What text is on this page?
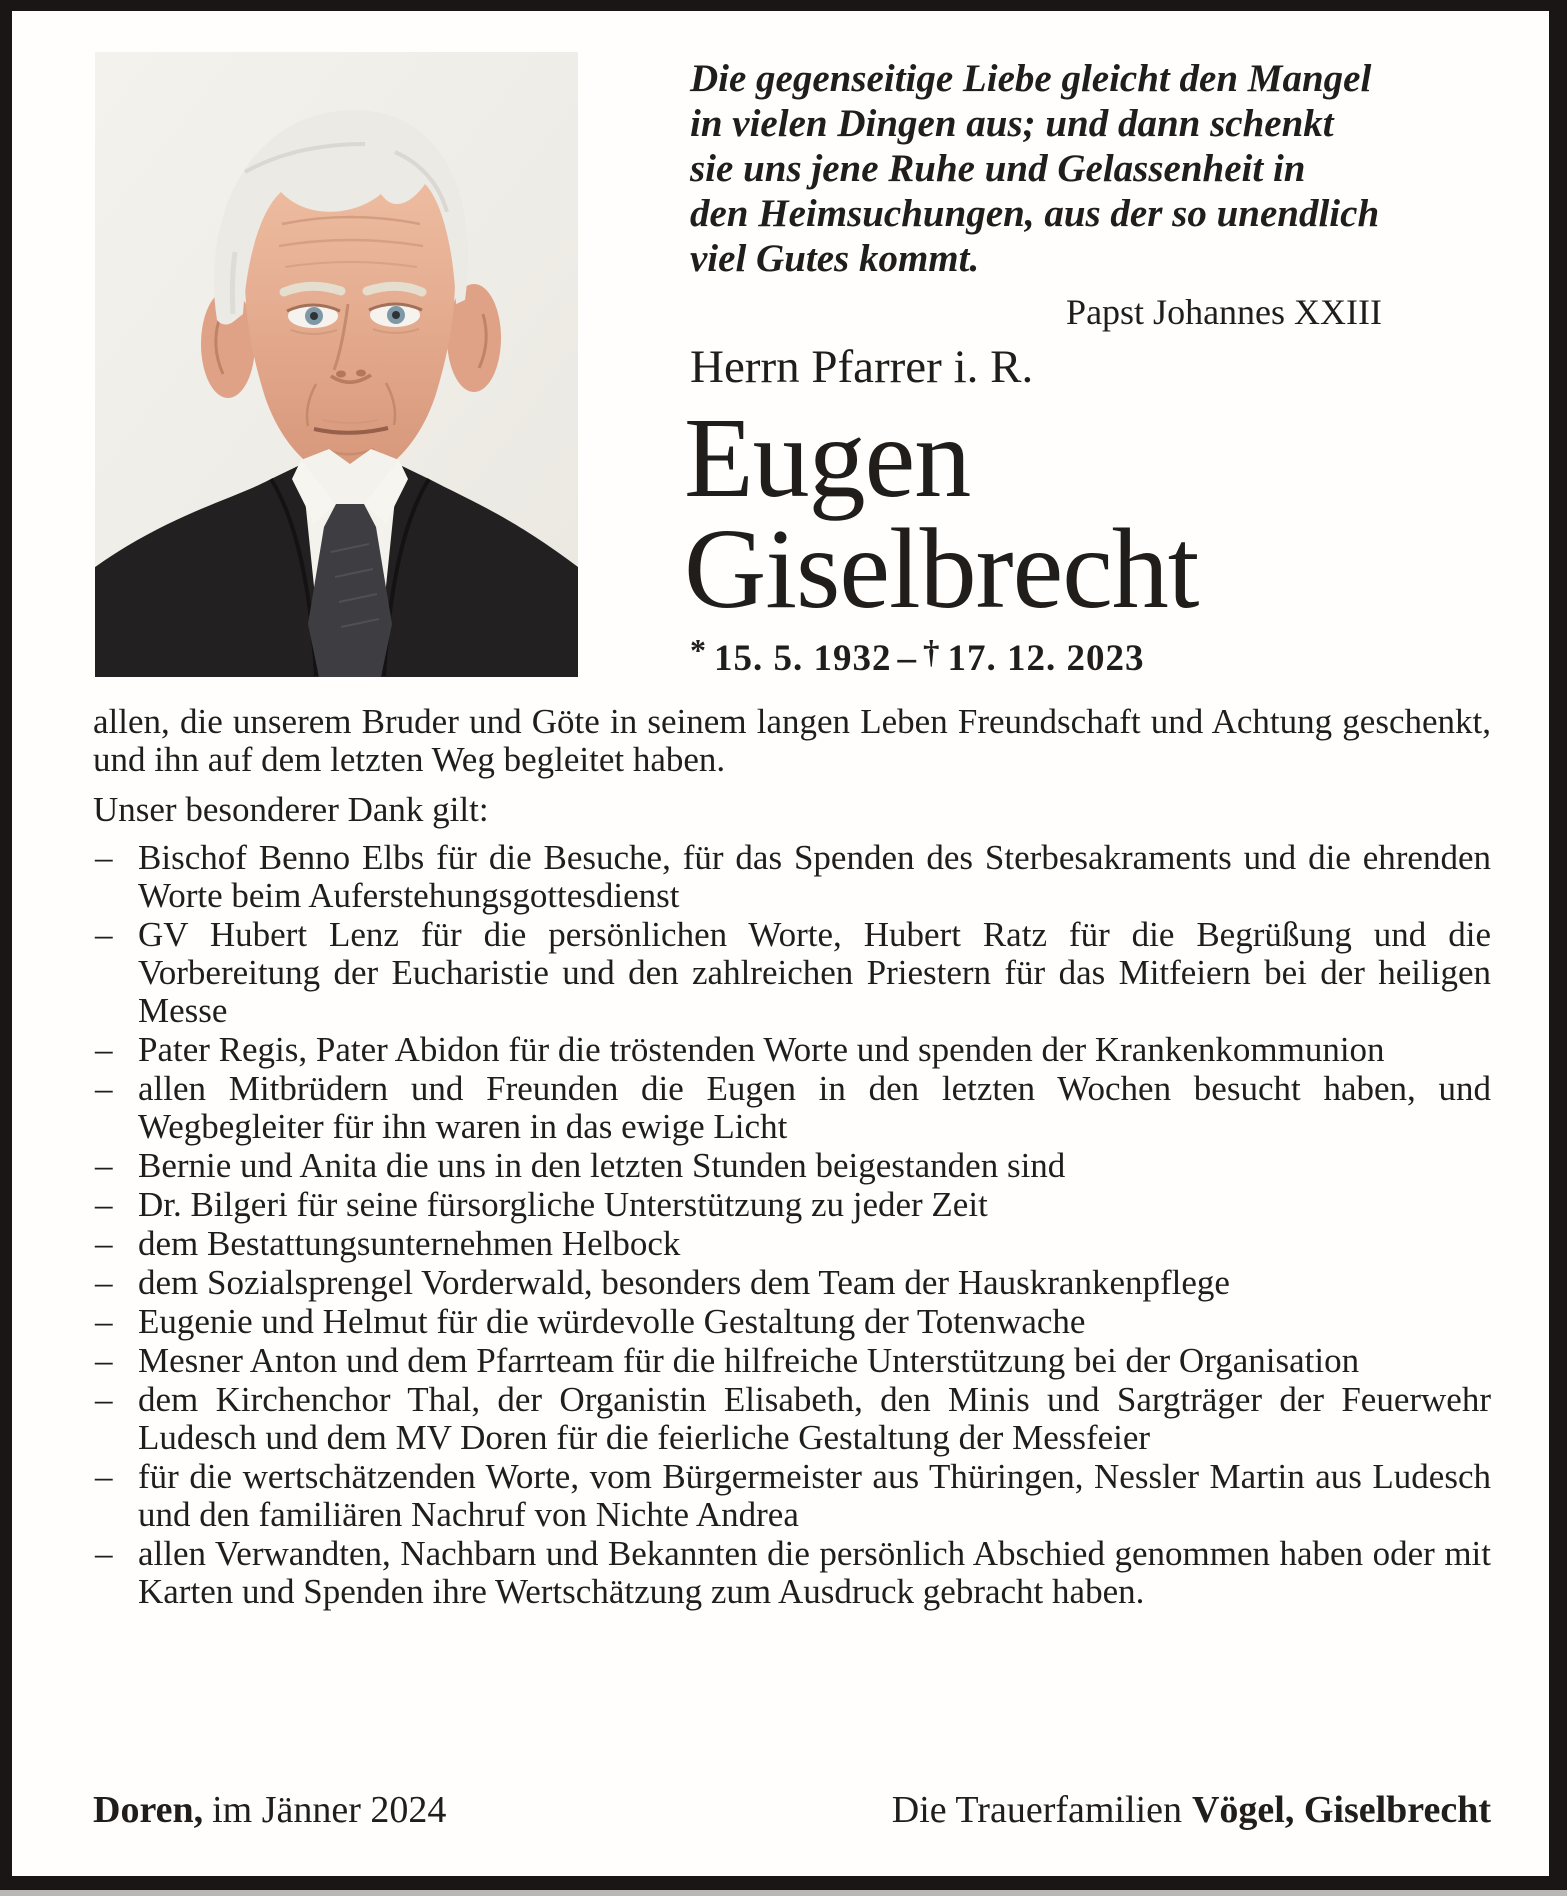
Die gegenseitige Liebe gleicht den Mangel
in vielen Dingen aus; und dann schenkt
sie uns jene Ruhe und Gelassenheit in
den Heimsuchungen, aus der so unendlich
viel Gutes kommt.
Papst Johannes XXIII
Herrn Pfarrer i. R.
Eugen
Giselbrecht
* 15. 5. 1932 – † 17. 12. 2023

allen, die unserem Bruder und Göte in seinem langen Leben Freundschaft und Achtung geschenkt, und ihn auf dem letzten Weg begleitet haben.

Unser besonderer Dank gilt:

– Bischof Benno Elbs für die Besuche, für das Spenden des Sterbesakraments und die ehrenden Worte beim Auferstehungsgottesdienst
– GV Hubert Lenz für die persönlichen Worte, Hubert Ratz für die Begrüßung und die Vorbereitung der Eucharistie und den zahlreichen Priestern für das Mitfeiern bei der heiligen Messe
– Pater Regis, Pater Abidon für die tröstenden Worte und spenden der Krankenkommunion
– allen Mitbrüdern und Freunden die Eugen in den letzten Wochen besucht haben, und Wegbegleiter für ihn waren in das ewige Licht
– Bernie und Anita die uns in den letzten Stunden beigestanden sind
– Dr. Bilgeri für seine fürsorgliche Unterstützung zu jeder Zeit
– dem Bestattungsunternehmen Helbock
– dem Sozialsprengel Vorderwald, besonders dem Team der Hauskrankenpflege
– Eugenie und Helmut für die würdevolle Gestaltung der Totenwache
– Mesner Anton und dem Pfarrteam für die hilfreiche Unterstützung bei der Organisation
– dem Kirchenchor Thal, der Organistin Elisabeth, den Minis und Sargträger der Feuerwehr Ludesch und dem MV Doren für die feierliche Gestaltung der Messfeier
– für die wertschätzenden Worte, vom Bürgermeister aus Thüringen, Nessler Martin aus Ludesch und den familiären Nachruf von Nichte Andrea
– allen Verwandten, Nachbarn und Bekannten die persönlich Abschied genommen haben oder mit Karten und Spenden ihre Wertschätzung zum Ausdruck gebracht haben.
Doren, im Jänner 2024	Die Trauerfamilien Vögel, Giselbrecht
